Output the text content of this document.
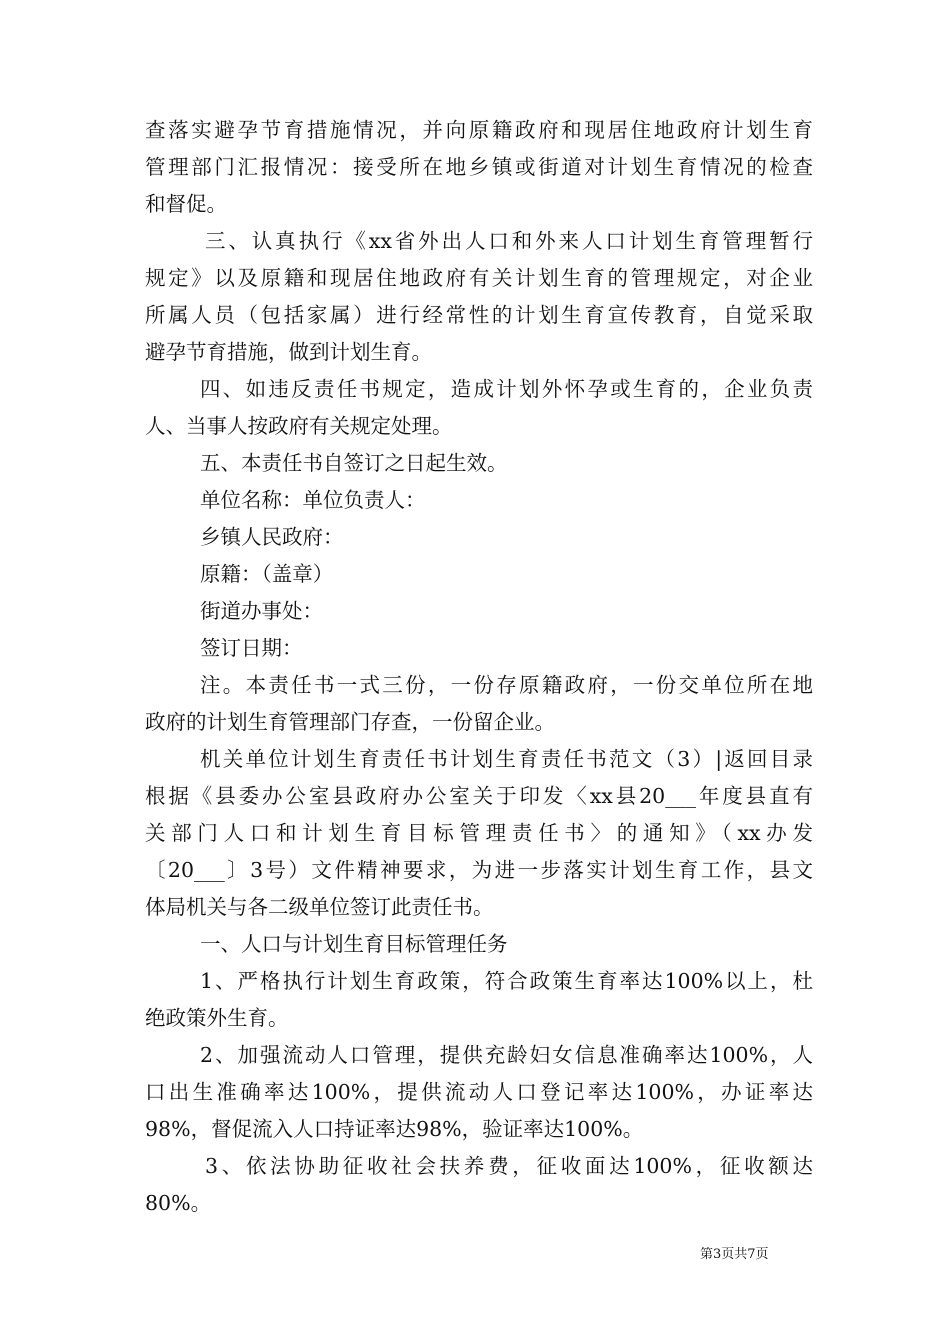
查落实避孕节育措施情况，并向原籍政府和现居住地政府计划生育
管理部门汇报情况：接受所在地乡镇或街道对计划生育情况的检查
和督促。
三、认真执行《xx省外出人口和外来人口计划生育管理暂行
规定》以及原籍和现居住地政府有关计划生育的管理规定，对企业
所属人员（包括家属）进行经常性的计划生育宣传教育，自觉采取
避孕节育措施，做到计划生育。
四、如违反责任书规定，造成计划外怀孕或生育的，企业负责
人、当事人按政府有关规定处理。
五、本责任书自签订之日起生效。
单位名称：单位负责人：
乡镇人民政府：
原籍：（盖章）
街道办事处：
签订日期：
注。本责任书一式三份，一份存原籍政府，一份交单位所在地
政府的计划生育管理部门存查，一份留企业。
机关单位计划生育责任书计划生育责任书范文（3）|返回目录
根据《县委办公室县政府办公室关于印发〈xx县20___年度县直有
关部门人口和计划生育目标管理责任书〉的通知》（xx办发
〔20___〕3号）文件精神要求，为进一步落实计划生育工作，县文
体局机关与各二级单位签订此责任书。
一、人口与计划生育目标管理任务
1、严格执行计划生育政策，符合政策生育率达100%以上，杜
绝政策外生育。
2、加强流动人口管理，提供充龄妇女信息准确率达100%，人
口出生准确率达100%，提供流动人口登记率达100%，办证率达
98%，督促流入人口持证率达98%，验证率达100%。
3、依法协助征收社会扶养费，征收面达100%，征收额达
80%。
第3页共7页
